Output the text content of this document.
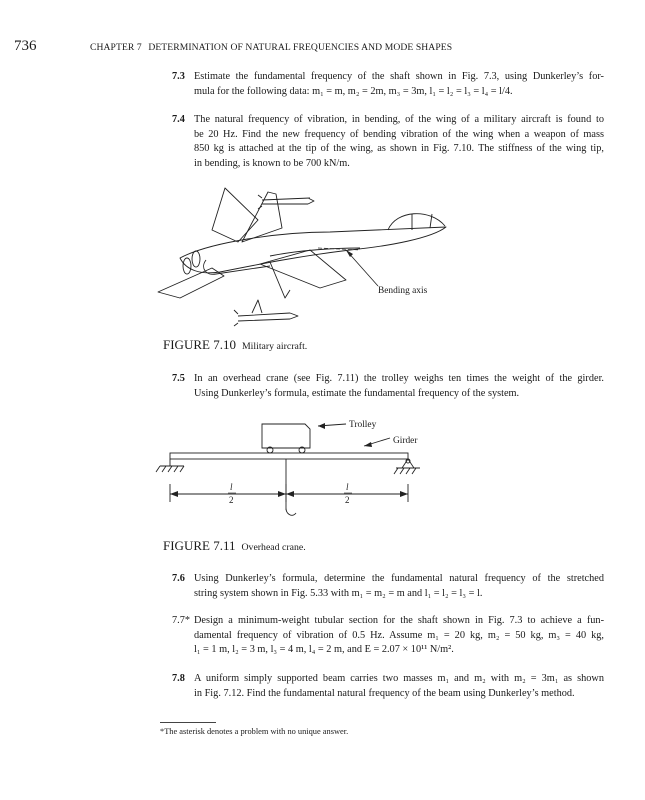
736	CHAPTER 7 DETERMINATION OF NATURAL FREQUENCIES AND MODE SHAPES
7.3 Estimate the fundamental frequency of the shaft shown in Fig. 7.3, using Dunkerley’s for-
mula for the following data: m₁ = m, m₂ = 2m, m₃ = 3m, l₁ = l₂ = l₃ = l₄ = l/4.
7.4 The natural frequency of vibration, in bending, of the wing of a military aircraft is found to
be 20 Hz. Find the new frequency of bending vibration of the wing when a weapon of mass
850 kg is attached at the tip of the wing, as shown in Fig. 7.10. The stiffness of the wing tip,
in bending, is known to be 700 kN/m.
Bending axis
FIGURE 7.10 Military aircraft.
7.5 In an overhead crane (see Fig. 7.11) the trolley weighs ten times the weight of the girder.
Using Dunkerley’s formula, estimate the fundamental frequency of the system.
Trolley
Girder
l
2
l
2
FIGURE 7.11 Overhead crane.
7.6 Using Dunkerley’s formula, determine the fundamental natural frequency of the stretched
string system shown in Fig. 5.33 with m₁ = m₂ = m and l₁ = l₂ = l₃ = l.
7.7* Design a minimum-weight tubular section for the shaft shown in Fig. 7.3 to achieve a fun-
damental frequency of vibration of 0.5 Hz. Assume m₁ = 20 kg, m₂ = 50 kg, m₃ = 40 kg,
l₁ = 1 m, l₂ = 3 m, l₃ = 4 m, l₄ = 2 m, and E = 2.07 × 10¹¹ N/m².
7.8 A uniform simply supported beam carries two masses m₁ and m₂ with m₂ = 3m₁ as shown
in Fig. 7.12. Find the fundamental natural frequency of the beam using Dunkerley’s method.
*The asterisk denotes a problem with no unique answer.
